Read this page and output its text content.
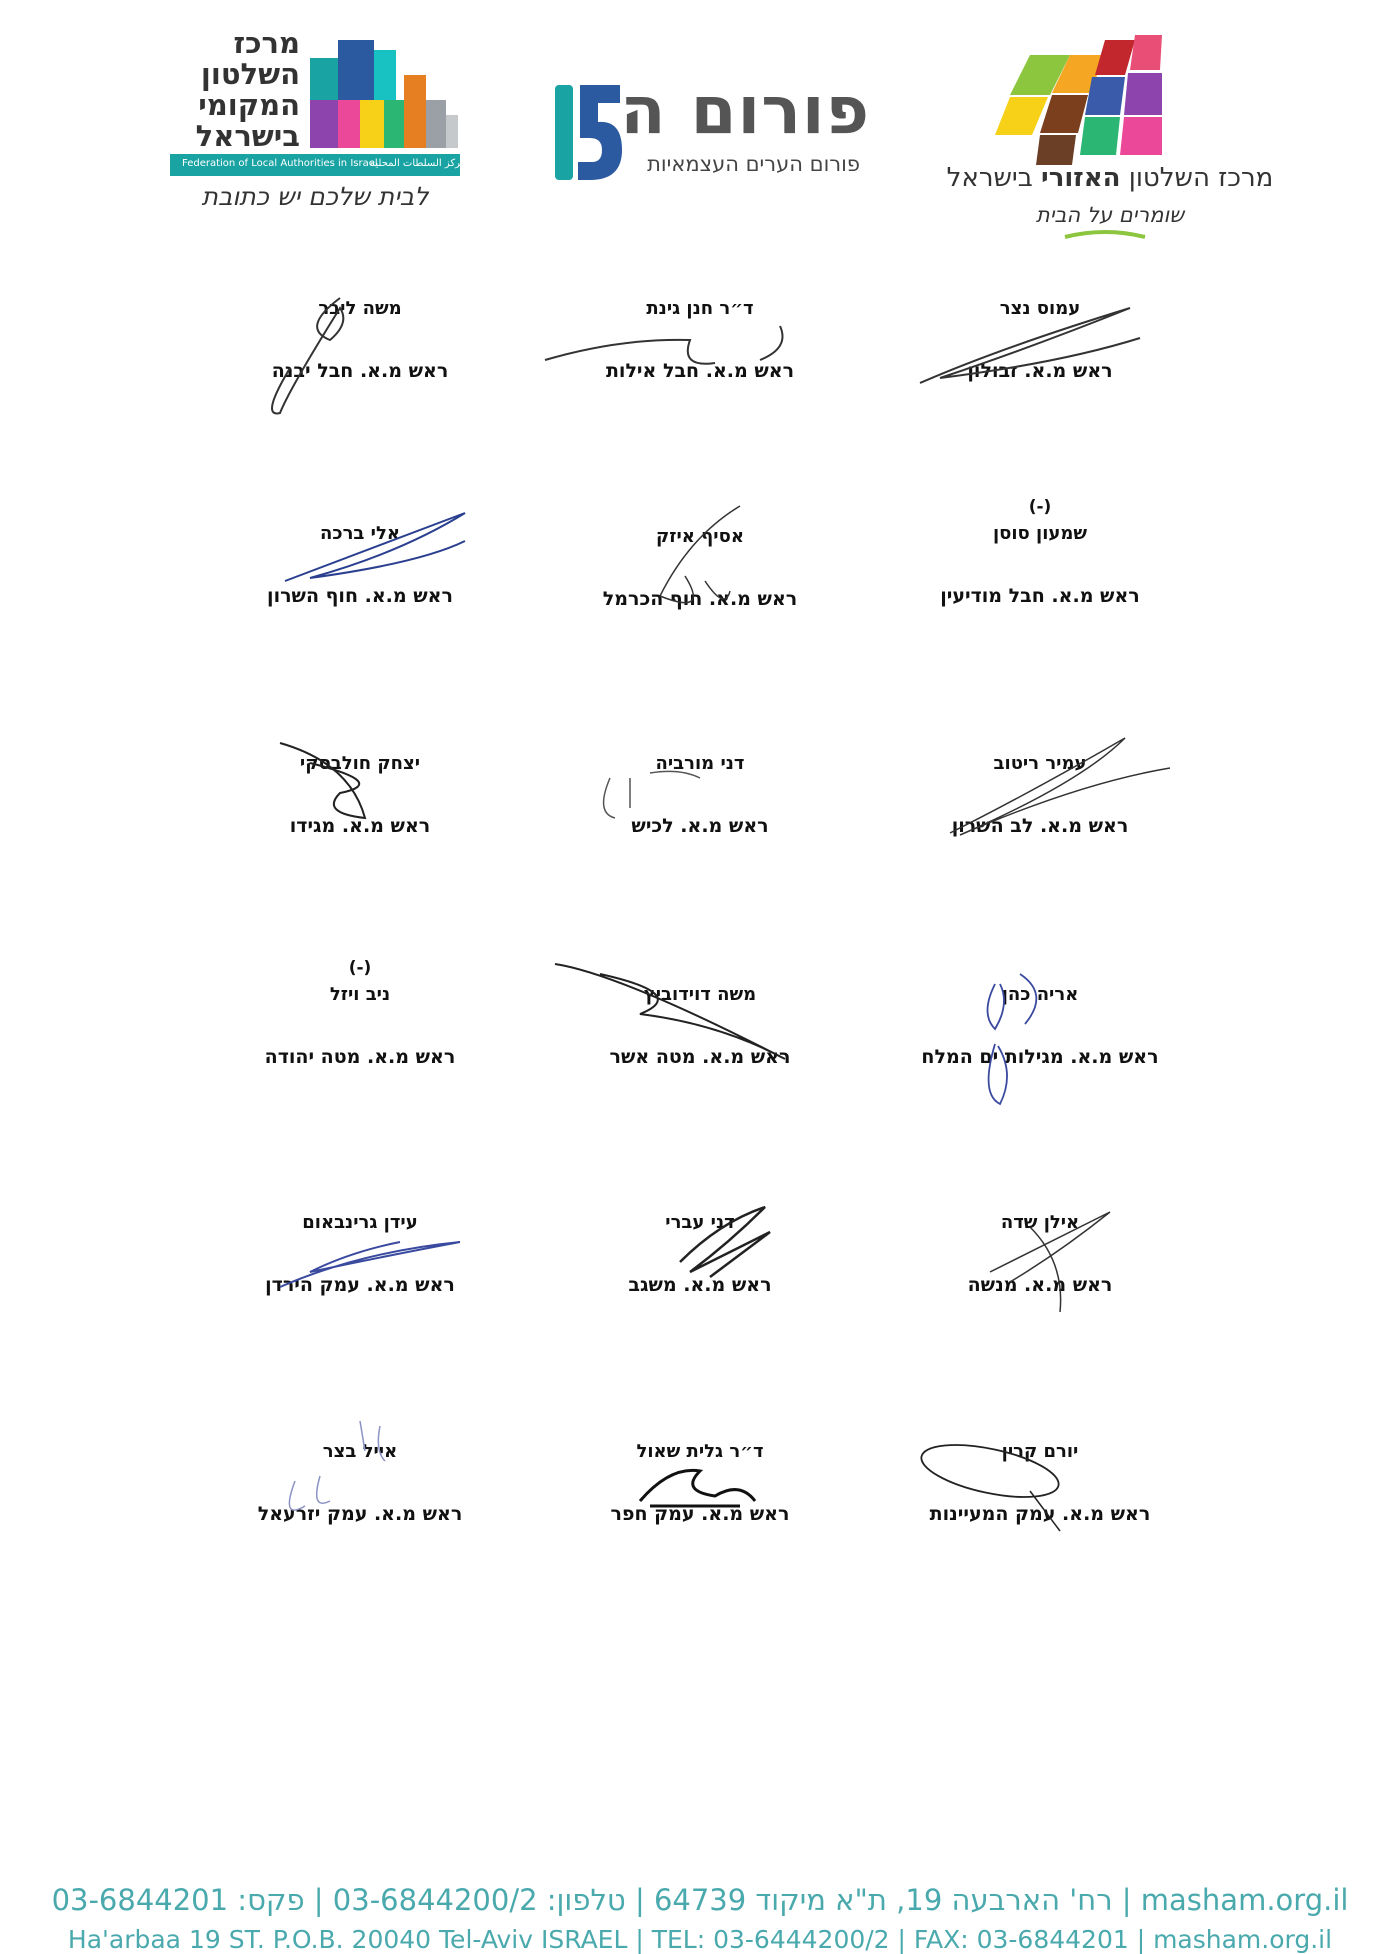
מרכז השלטון האזורי בישראל
שומרים על הבית
פורום ה
פורום הערים העצמאיות
מרכז
השלטון
המקומי
בישראל
Federation of Local Authorities in Israel
مركز السلطات المحلية
לבית שלכם יש כתובת
עמוס נצר
ראש מ.א. זבולון
ד״ר חנן גינת
ראש מ.א. חבל אילות
משה ליבר
ראש מ.א. חבל יבנה
(-)
שמעון סוסן
ראש מ.א. חבל מודיעין
אסיף איזק
ראש מ.א. חוף הכרמל
אלי ברכה
ראש מ.א. חוף השרון
עמיר ריטוב
ראש מ.א. לב השרון
דני מורביה
ראש מ.א. לכיש
יצחק חולבסקי
ראש מ.א. מגידו
אריה כהן
ראש מ.א. מגילות ים המלח
משה דוידוביץ
ראש מ.א. מטה אשר
(-)
ניב ויזל
ראש מ.א. מטה יהודה
אילן שדה
ראש מ.א. מנשה
דני עברי
ראש מ.א. משגב
עידן גרינבאום
ראש מ.א. עמק הירדן
יורם קרין
ראש מ.א. עמק המעיינות
ד״ר גלית שאול
ראש מ.א. עמק חפר
אייל בצר
ראש מ.א. עמק יזרעאל
רח' הארבעה 19, ת"א מיקוד 64739 | טלפון: 03-6844200/2 | פקס: 03-6844201 | masham.org.il
Ha'arbaa 19 ST. P.O.B. 20040 Tel-Aviv ISRAEL | TEL: 03-6444200/2 | FAX: 03-6844201 | masham.org.il
